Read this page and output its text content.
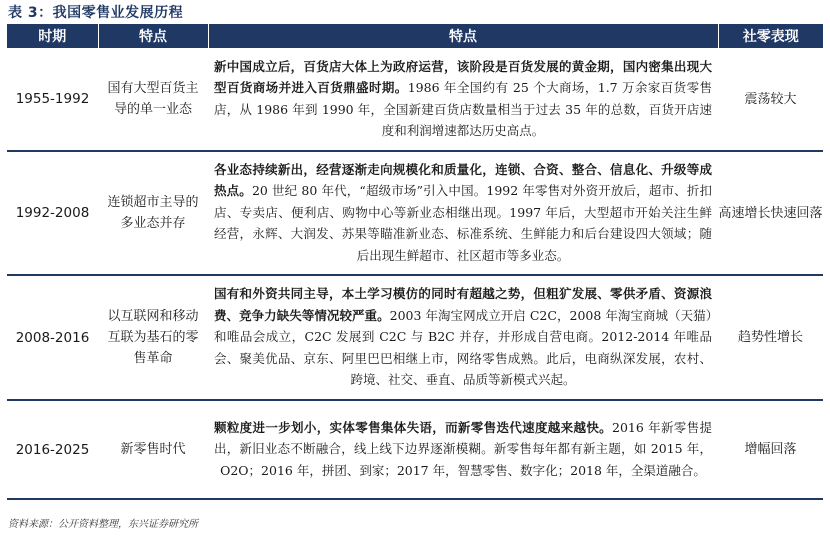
表 3：我国零售业发展历程
时期	特点	特点	社零表现
1955-1992	国有大型百货主导的单一业态	新中国成立后，百货店大体上为政府运营，该阶段是百货发展的黄金期，国内密集出现大型百货商场并进入百货鼎盛时期。1986 年全国约有 25 个大商场，1.7 万余家百货零售店，从 1986 年到 1990 年，全国新建百货店数量相当于过去 35 年的总数，百货开店速度和利润增速都达历史高点。	震荡较大
1992-2008	连锁超市主导的多业态并存	各业态持续新出，经营逐渐走向规模化和质量化，连锁、合资、整合、信息化、升级等成热点。20 世纪 80 年代，“超级市场”引入中国。1992 年零售对外资开放后，超市、折扣店、专卖店、便利店、购物中心等新业态相继出现。1997 年后，大型超市开始关注生鲜经营，永辉、大润发、苏果等瞄准新业态、标准系统、生鲜能力和后台建设四大领域；随后出现生鲜超市、社区超市等多业态。	高速增长快速回落
2008-2016	以互联网和移动互联为基石的零售革命	国有和外资共同主导，本土学习模仿的同时有超越之势，但粗犷发展、零供矛盾、资源浪费、竞争力缺失等情况较严重。2003 年淘宝网成立开启 C2C，2008 年淘宝商城（天猫）和唯品会成立，C2C 发展到 C2C 与 B2C 并存，并形成自营电商。2012-2014 年唯品会、聚美优品、京东、阿里巴巴相继上市，网络零售成熟。此后，电商纵深发展，农村、跨境、社交、垂直、品质等新模式兴起。	趋势性增长
2016-2025	新零售时代	颗粒度进一步划小，实体零售集体失语，而新零售迭代速度越来越快。2016 年新零售提出，新旧业态不断融合，线上线下边界逐渐模糊。新零售每年都有新主题，如 2015 年，O2O；2016 年，拼团、到家；2017 年，智慧零售、数字化；2018 年，全渠道融合。	增幅回落
资料来源：公开资料整理，东兴证券研究所
